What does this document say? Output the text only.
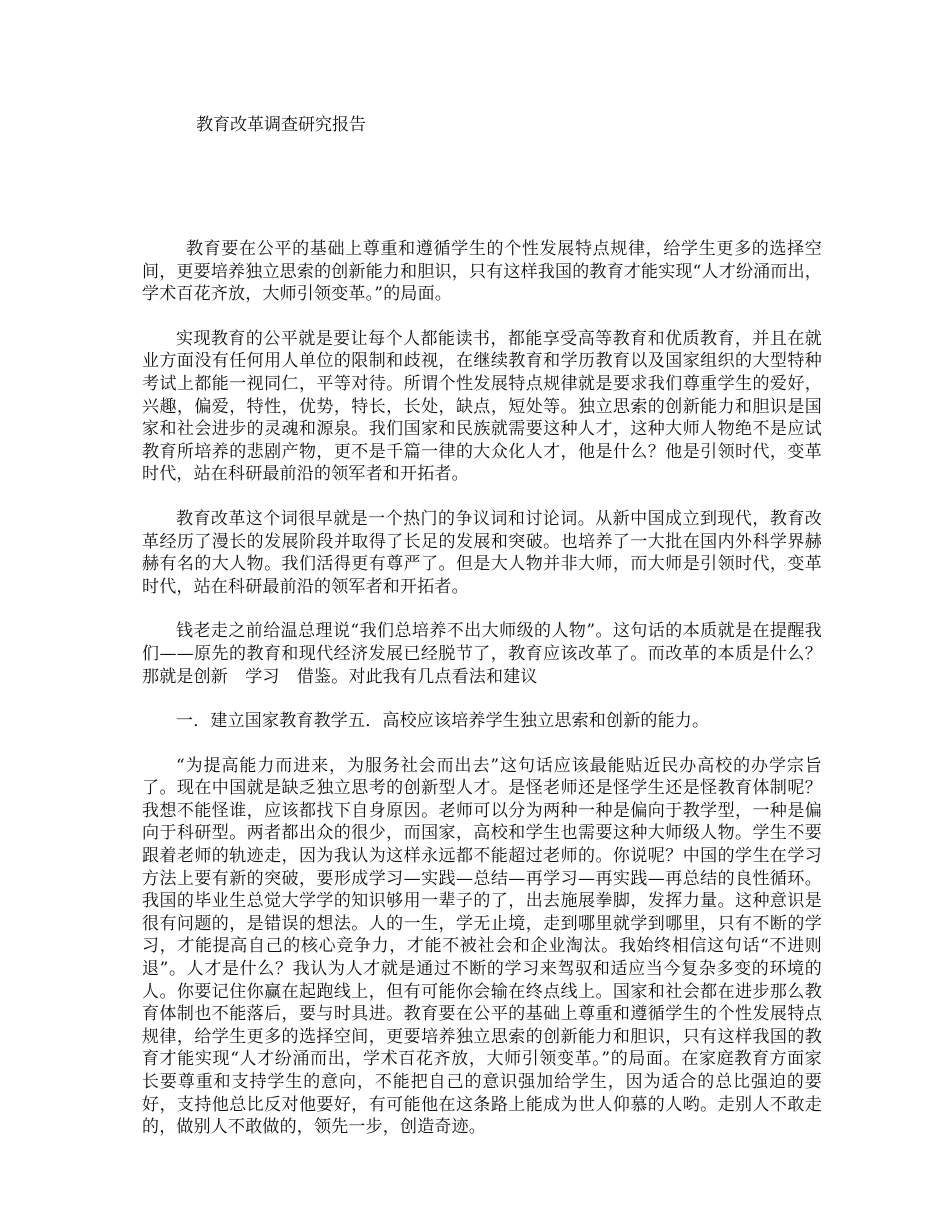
教育改革调查研究报告

教育要在公平的基础上尊重和遵循学生的个性发展特点规律，给学生更多的选择空间，更要培养独立思索的创新能力和胆识，只有这样我国的教育才能实现“人才纷涌而出，学术百花齐放，大师引领变革。”的局面。

实现教育的公平就是要让每个人都能读书，都能享受高等教育和优质教育，并且在就业方面没有任何用人单位的限制和歧视，在继续教育和学历教育以及国家组织的大型特种考试上都能一视同仁，平等对待。所谓个性发展特点规律就是要求我们尊重学生的爱好，兴趣，偏爱，特性，优势，特长，长处，缺点，短处等。独立思索的创新能力和胆识是国家和社会进步的灵魂和源泉。我们国家和民族就需要这种人才，这种大师人物绝不是应试教育所培养的悲剧产物，更不是千篇一律的大众化人才，他是什么？他是引领时代，变革时代，站在科研最前沿的领军者和开拓者。

教育改革这个词很早就是一个热门的争议词和讨论词。从新中国成立到现代，教育改革经历了漫长的发展阶段并取得了长足的发展和突破。也培养了一大批在国内外科学界赫赫有名的大人物。我们活得更有尊严了。但是大人物并非大师，而大师是引领时代，变革时代，站在科研最前沿的领军者和开拓者。

钱老走之前给温总理说“我们总培养不出大师级的人物”。这句话的本质就是在提醒我们——原先的教育和现代经济发展已经脱节了，教育应该改革了。而改革的本质是什么？那就是创新　学习　借鉴。对此我有几点看法和建议

一．建立国家教育教学五．高校应该培养学生独立思索和创新的能力。

“为提高能力而进来，为服务社会而出去”这句话应该最能贴近民办高校的办学宗旨了。现在中国就是缺乏独立思考的创新型人才。是怪老师还是怪学生还是怪教育体制呢？我想不能怪谁，应该都找下自身原因。老师可以分为两种一种是偏向于教学型，一种是偏向于科研型。两者都出众的很少，而国家，高校和学生也需要这种大师级人物。学生不要跟着老师的轨迹走，因为我认为这样永远都不能超过老师的。你说呢？中国的学生在学习方法上要有新的突破，要形成学习—实践—总结—再学习—再实践—再总结的良性循环。我国的毕业生总觉大学学的知识够用一辈子的了，出去施展拳脚，发挥力量。这种意识是很有问题的，是错误的想法。人的一生，学无止境，走到哪里就学到哪里，只有不断的学习，才能提高自己的核心竞争力，才能不被社会和企业淘汰。我始终相信这句话“不进则退”。人才是什么？我认为人才就是通过不断的学习来驾驭和适应当今复杂多变的环境的人。你要记住你赢在起跑线上，但有可能你会输在终点线上。国家和社会都在进步那么教育体制也不能落后，要与时具进。教育要在公平的基础上尊重和遵循学生的个性发展特点规律，给学生更多的选择空间，更要培养独立思索的创新能力和胆识，只有这样我国的教育才能实现“人才纷涌而出，学术百花齐放，大师引领变革。”的局面。在家庭教育方面家长要尊重和支持学生的意向，不能把自己的意识强加给学生，因为适合的总比强迫的要好，支持他总比反对他要好，有可能他在这条路上能成为世人仰慕的人哟。走别人不敢走的，做别人不敢做的，领先一步，创造奇迹。
